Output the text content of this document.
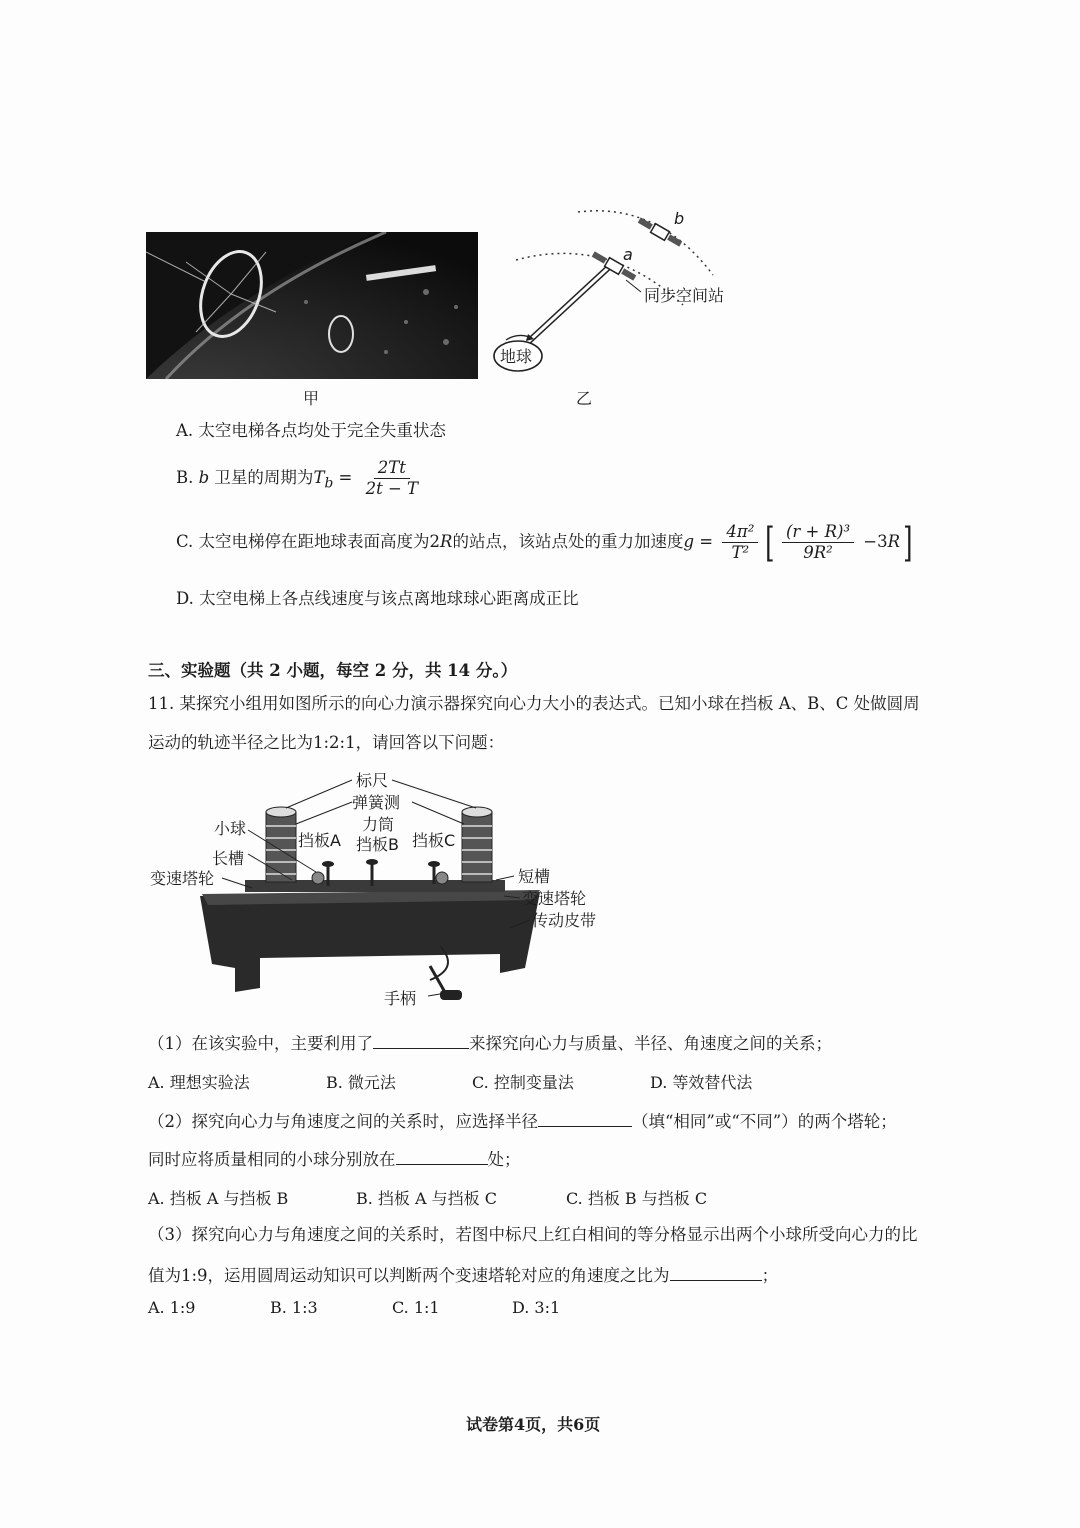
甲
a
b
同步空间站
地球
乙
A. 太空电梯各点均处于完全失重状态
B. b 卫星的周期为$T_b = \frac{2Tt}{2t - T}$
C. 太空电梯停在距地球表面高度为2R的站点，该站点处的重力加速度$g = \frac{\text{4π²}}{\text{T²}}$ [ $\frac{\text{(r + R)³}}{\text{9R²}} -3R$]
D. 太空电梯上各点线速度与该点离地球球心距离成正比
三、实验题（共 2 小题，每空 2 分，共 14 分。）
11. 某探究小组用如图所示的向心力演示器探究向心力大小的表达式。已知小球在挡板 A、B、C 处做圆周
运动的轨迹半径之比为1:2:1，请回答以下问题：
标尺
弹簧测
力筒
小球
挡板A 挡板B 挡板C
长槽
变速塔轮	短槽
变速塔轮
传动皮带
手柄
（1）在该实验中，主要利用了	来探究向心力与质量、半径、角速度之间的关系；
A. 理想实验法	B. 微元法	C. 控制变量法	D. 等效替代法
（2）探究向心力与角速度之间的关系时，应选择半径	（填“相同”或“不同”）的两个塔轮；
同时应将质量相同的小球分别放在	处；
A. 挡板 A 与挡板 B	B. 挡板 A 与挡板 C	C. 挡板 B 与挡板 C
（3）探究向心力与角速度之间的关系时，若图中标尺上红白相间的等分格显示出两个小球所受向心力的比
值为1:9，运用圆周运动知识可以判断两个变速塔轮对应的角速度之比为	；
A. 1:9	B. 1:3	C. 1:1	D. 3:1
试卷第4页，共6页
